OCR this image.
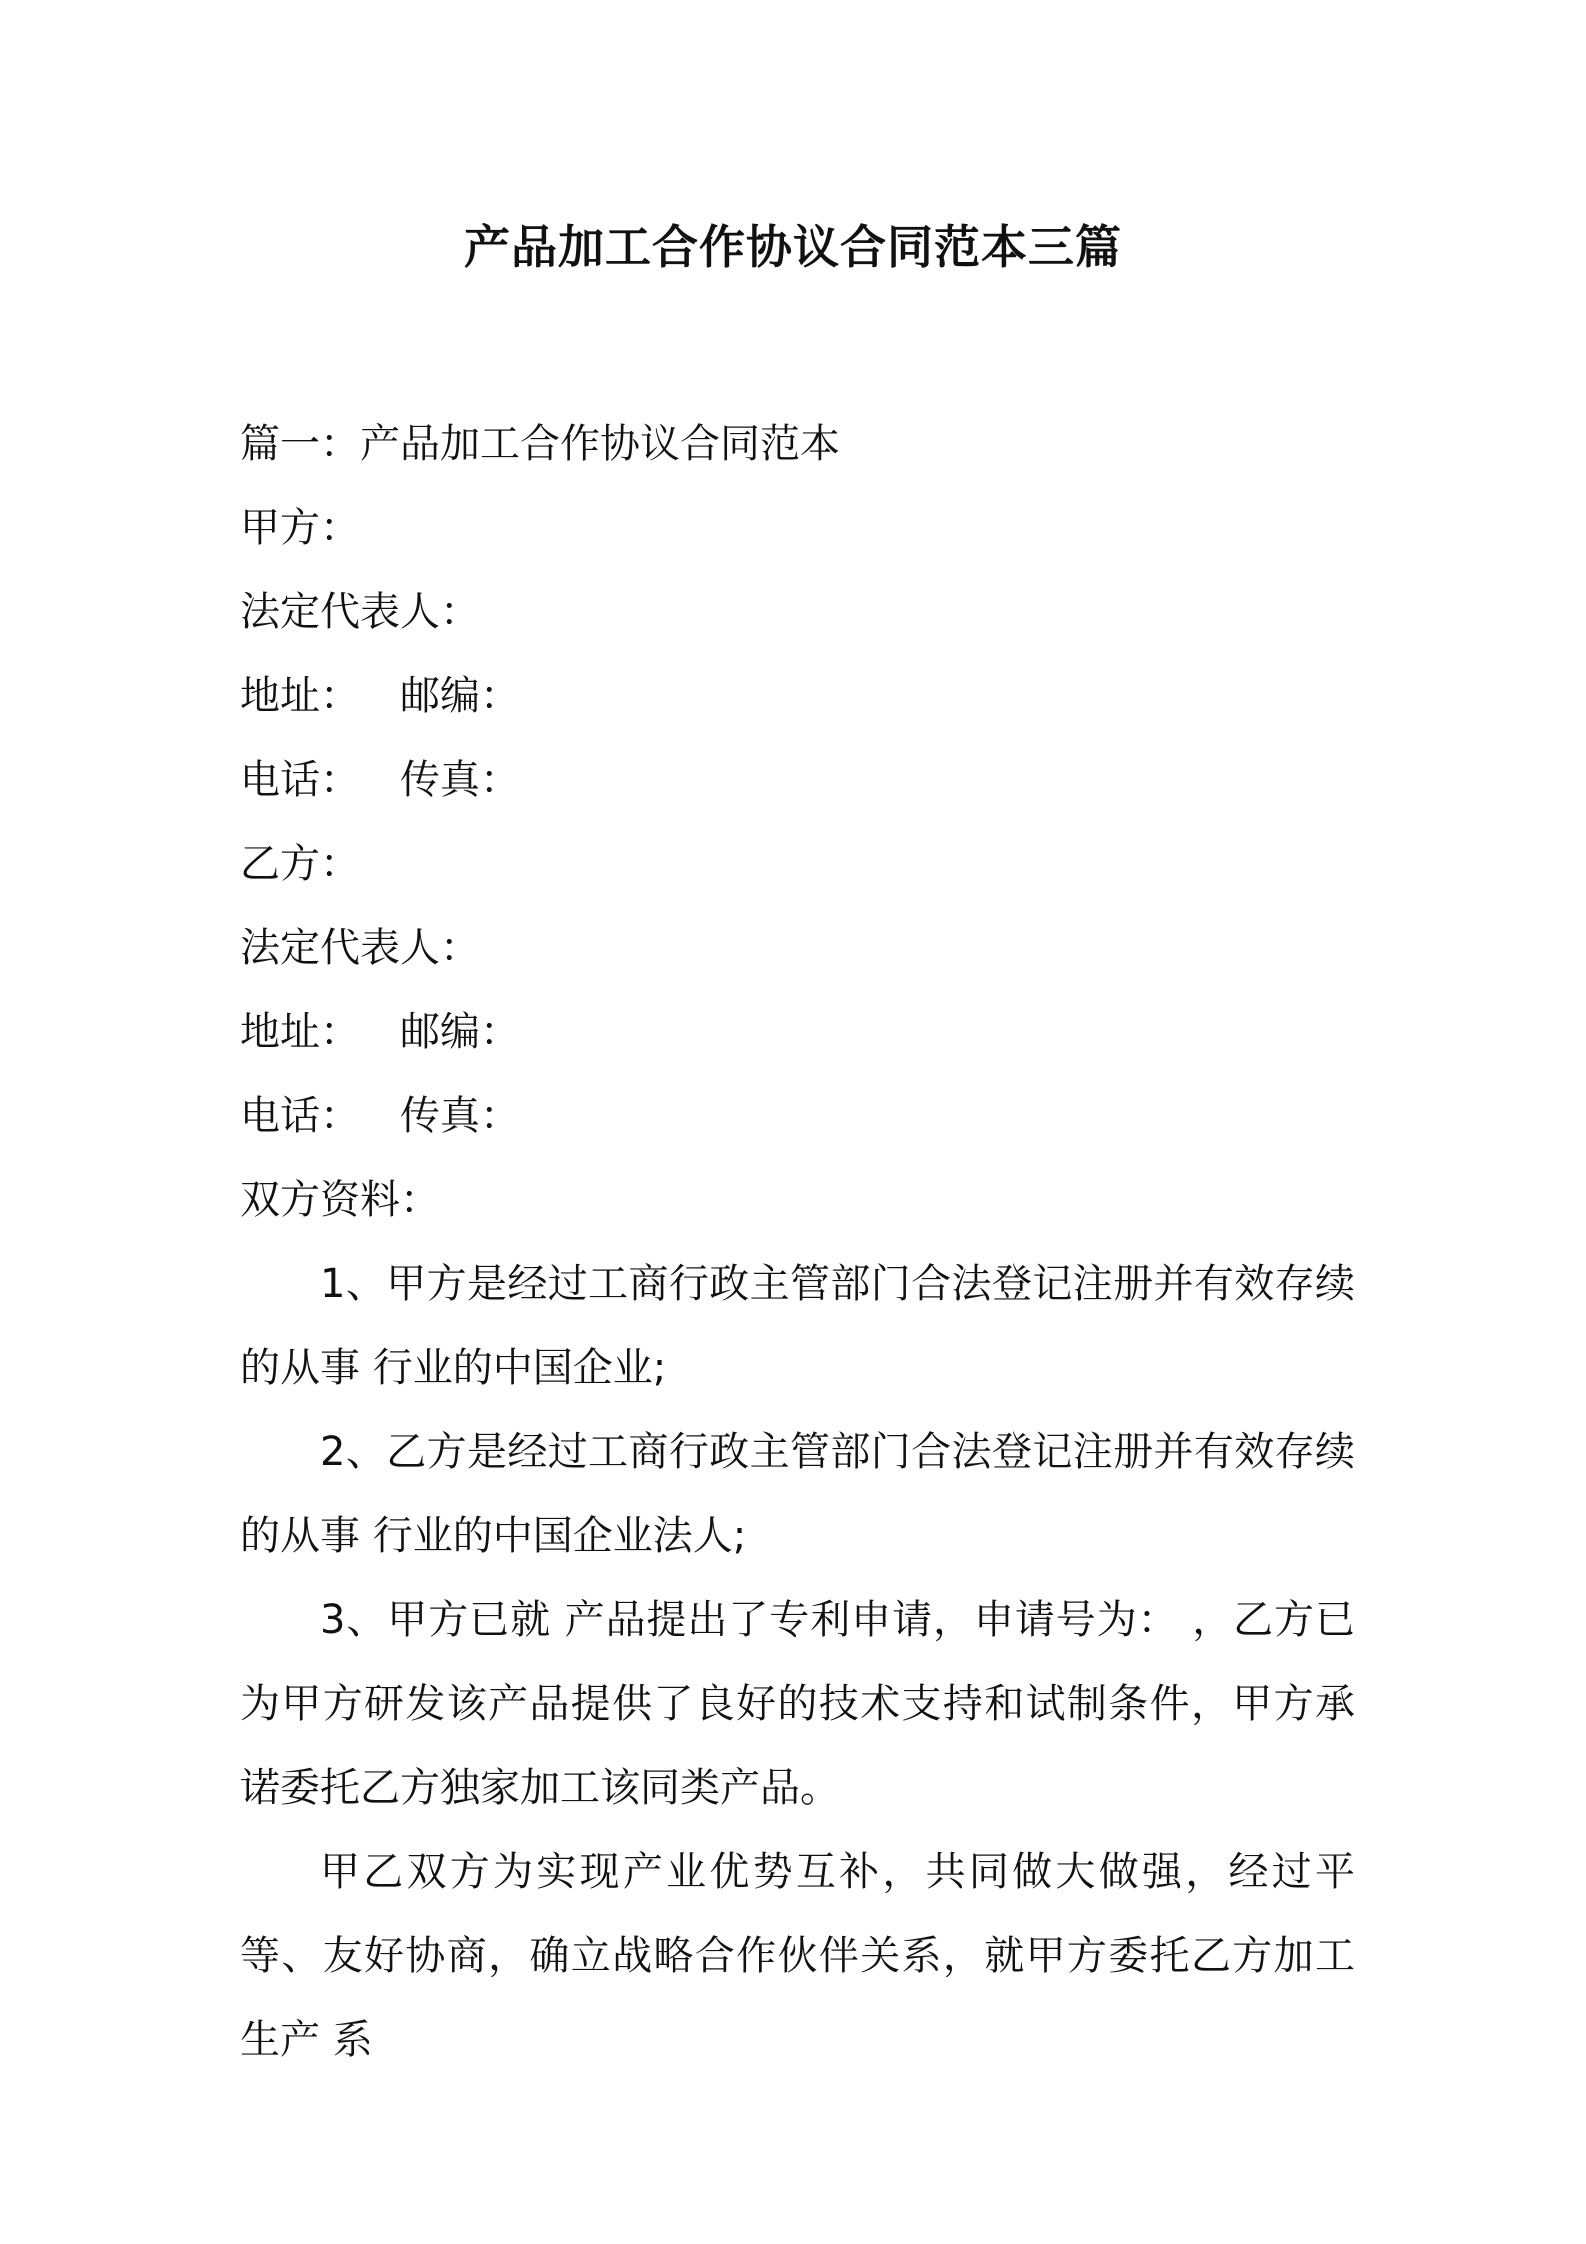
产品加工合作协议合同范本三篇

篇一：产品加工合作协议合同范本

甲方：

法定代表人：

地址： 邮编：

电话： 传真：

乙方：

法定代表人：

地址： 邮编：

电话： 传真：

双方资料：

1、甲方是经过工商行政主管部门合法登记注册并有效存续的从事 行业的中国企业;

2、乙方是经过工商行政主管部门合法登记注册并有效存续的从事 行业的中国企业法人;

3、甲方已就 产品提出了专利申请，申请号为： ，乙方已为甲方研发该产品提供了良好的技术支持和试制条件，甲方承诺委托乙方独家加工该同类产品。

甲乙双方为实现产业优势互补，共同做大做强，经过平等、友好协商，确立战略合作伙伴关系，就甲方委托乙方加工生产 系
